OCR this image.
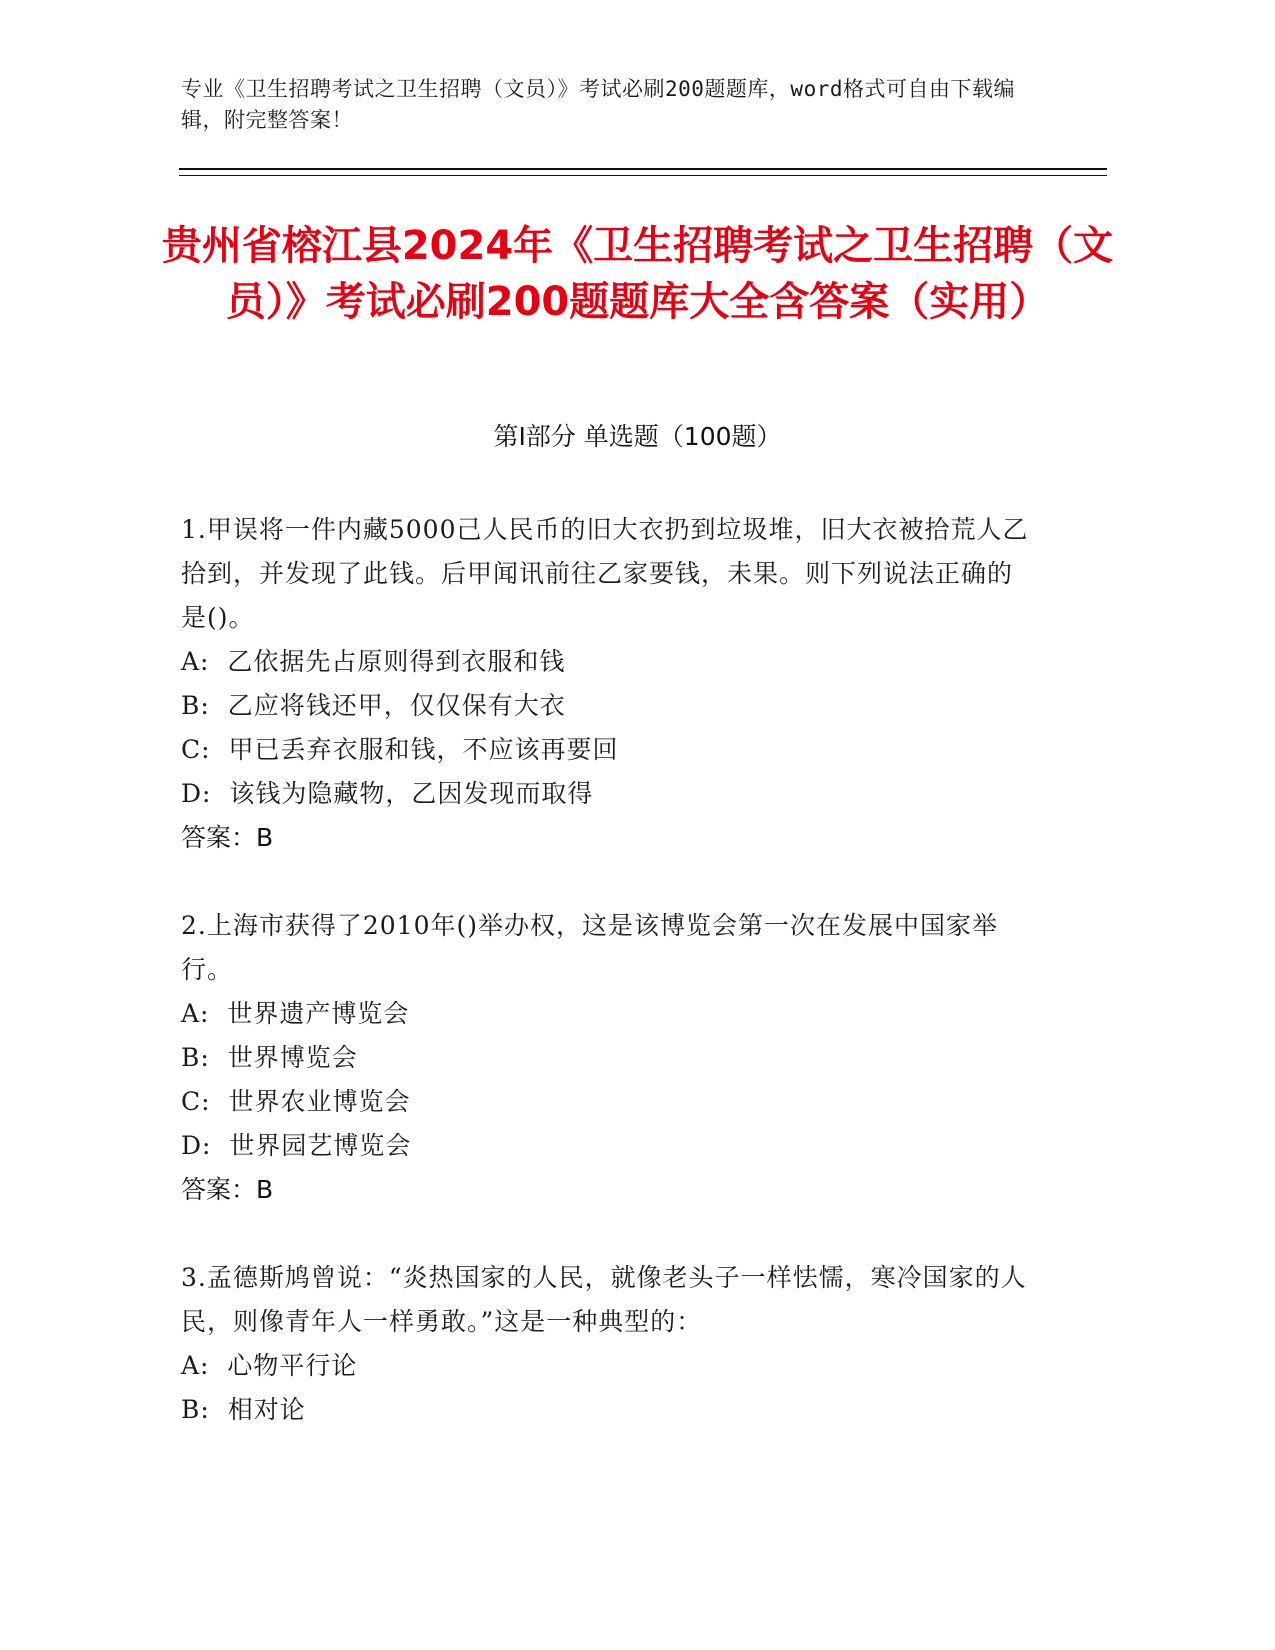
专业《卫生招聘考试之卫生招聘（文员）》考试必刷200题题库，word格式可自由下载编辑，附完整答案！
贵州省榕江县2024年《卫生招聘考试之卫生招聘（文员）》考试必刷200题题库大全含答案（实用）
第Ⅰ部分 单选题（100题）
1.甲误将一件内藏5000己人民币的旧大衣扔到垃圾堆，旧大衣被拾荒人乙拾到，并发现了此钱。后甲闻讯前往乙家要钱，未果。则下列说法正确的是()。
A:  乙依据先占原则得到衣服和钱
B:  乙应将钱还甲，仅仅保有大衣
C:  甲已丢弃衣服和钱，不应该再要回
D:  该钱为隐藏物，乙因发现而取得
答案：B
2.上海市获得了2010年()举办权，这是该博览会第一次在发展中国家举行。
A:  世界遗产博览会
B:  世界博览会
C:  世界农业博览会
D:  世界园艺博览会
答案：B
3.孟德斯鸠曾说：“炎热国家的人民，就像老头子一样怯懦，寒冷国家的人民，则像青年人一样勇敢。”这是一种典型的：
A:  心物平行论
B:  相对论
